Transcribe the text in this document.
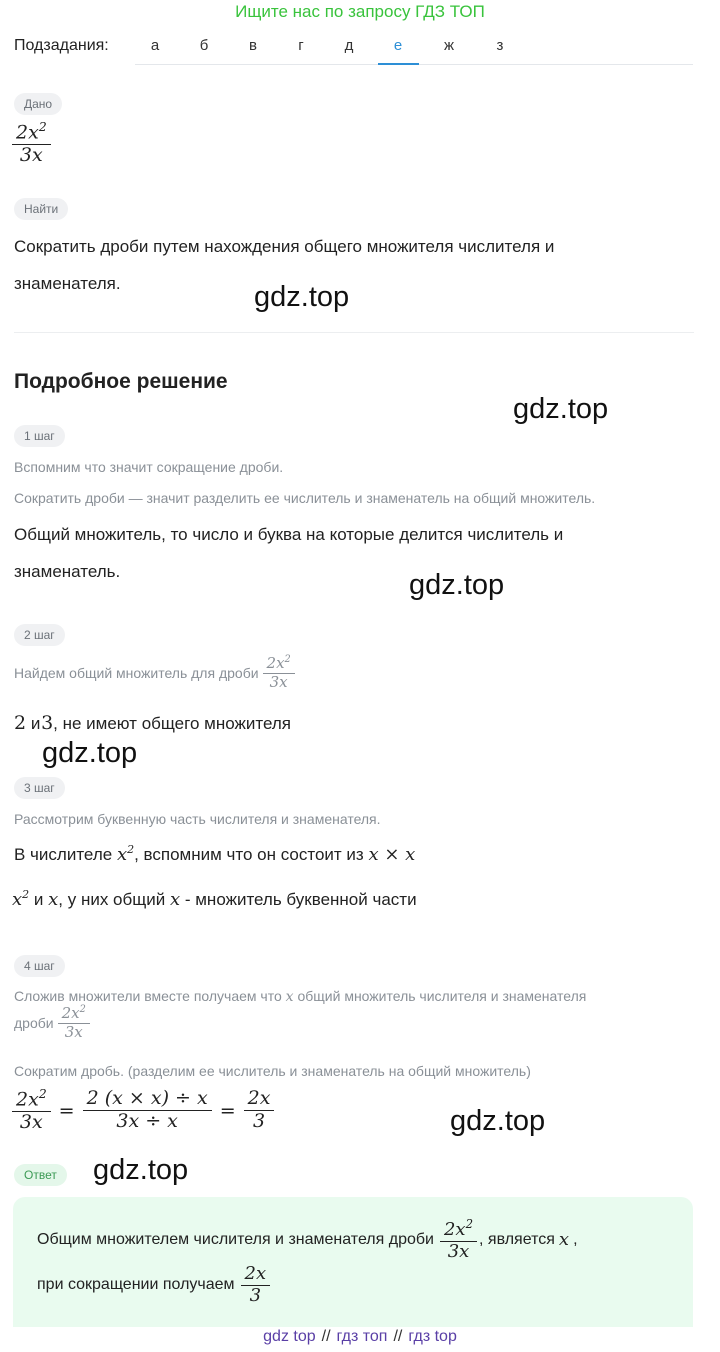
Ищите нас по запросу ГДЗ ТОП
Подзадания:	а	б	в	г	д	е	ж	з
Дано
$\frac{2x^2}{3x}$
Найти
Сократить дроби путем нахождения общего множителя числителя и
знаменателя.	gdz.top
Подробное решение
gdz.top
1 шаг
Вспомним что значит сокращение дроби.
Сократить дроби — значит разделить ее числитель и знаменатель на общий множитель.
Общий множитель, то число и буква на которые делится числитель и
знаменатель.	gdz.top
2 шаг
Найдем общий множитель для дроби $\frac{2x^2}{3x}$
2 и 3, не имеют общего множителя
gdz.top
3 шаг
Рассмотрим буквенную часть числителя и знаменателя.
В числителе $x^2$, вспомним что он состоит из x × x
$x^2$ и x, у них общий x - множитель буквенной части
4 шаг
Сложив множители вместе получаем что x общий множитель числителя и знаменателя
дроби $\frac{2x^2}{3x}$
Сократим дробь. (разделим ее числитель и знаменатель на общий множитель)
$\frac{2x^2}{3x} = \frac{2 (x \times x) \div x}{3x \div x} = \frac{2x}{3}$	gdz.top
Ответ	gdz.top
Общим множителем числителя и знаменателя дроби $\frac{2x^2}{3x}$ , является x ,
при сокращении получаем $\frac{2x}{3}$
gdz top // гдз топ // гдз top
